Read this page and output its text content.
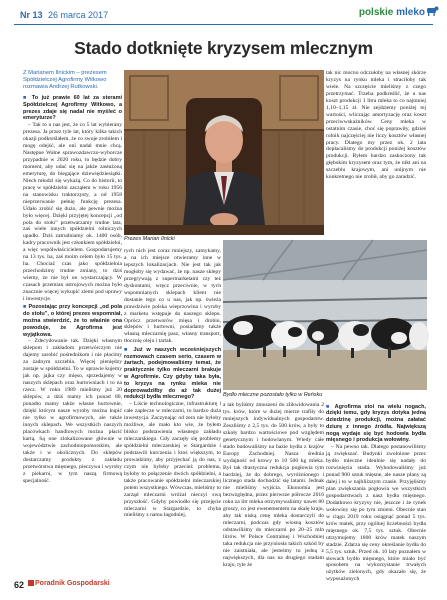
Nr 13 26 marca 2017	polskie mleko
Stado dotknięte kryzysem mlecznym
Z Marianem Ilnickim – prezesem Spółdzielczej Agrofirmy Witkowo rozmawia Andrzej Rutkowski.

■ To już prawie 60 lat za sterami Spółdzielczej Agrofirmy Witkowo, a prezes zdaje się nadal nie myśleć o emeryturze?

– Tak to u nas jest, że co 5 lat wybierany prezesa. Ja przez tyle lat, który kilka takich okazji podkreślałem, że co swoje zrobiłem i mogę odejść, ale oni nadal mnie chcą. Następne Walne sprawozdawczo-wyborcze przypadnie w 2020 roku, to będzie dobry moment, aby udać się na jakże zasłużoną emeryturę, do biegające dziewiędziesiątki. Niech młodzi się wykażą. Co do historii, to pracę w spółdzielni zacząłem w roku 1956 na stanowisku traktorzysty, a od 1958 nieprzerwanie pełnię funkcję prezesa. Udało zrobić się dużo, ale pewnie można było więcej. Dzięki przyjętej koncepcji „od pola do stołu” przetwarzamy trudne lata, zaś wiele innych spółdzielni rolniczych upadło. Dziś zatrudniamy ok. 1400 osób, kadry pracownik jest członkiem spółdzielni, a więc współwłaścicielem. Gospodarujemy na 13 tys. ha, zaś moim celem było 15 tys. ha. Chociaż czas jako spółdzielnia przechodzimy trudne zmiany, to dziś wiemy, że nie był on wystarczający. W czasach przemian ustrojowych można było znacznie więcej wykupić ziemi pod uprawy i inwestycje.

■ Pozostając przy koncepcji „od pola do stołu”, o której prezes wspomniał, można stwierdzić, że to właśnie ona powoduje, że Agrofirma jest wyjątkowa.

– Zdecydowanie tak. Dzięki własnym sklepom i zakładom przetwórczym nie dajemy zarobić pośrednikom i nie płacimy za żadnym szczebla. Więcej pieniędzy zostaje w spółdzielni. To w uprawie kujemy jak np. jajka czy mięso, sprzedajemy w naszych sklepach oraz hurtowniach i to na rzecz. W roku 1989 mieliśmy już 20 sklepów, a dziś mamy ich ponad 80, ponadto mamy także własne hurtownie, dzięki którym nasze wyroby można kupić nie tylko w agrofirmowych, ale także innych sklepach. We wszystkich naszych placówkach handlowych można płacić kartą. Są one zlokalizowane głównie w województwie zachodniopomorskim, ale także i w okolicznych. Do sklepów dostarczamy produkty z zakładu przetwórstwa mięsnego, pieczywa i wyroby z piekarni, w tym naszą firmową specjalność.

Prezes Marian Ilnicki

rych nich jest coraz mniejszy, zamykamy, a na ich miejsce otwieramy inne w lepszych lokalizacjach. Nie jest tak jak mogłoby się wydawać, że np. nasze sklepy przegrywają z supermarketami czy też dyskontami, wręcz przeciwnie, w tych wspomnianych sklepach klient nie dostanie tego co u nas, jak np. świeża prawdziwie polska wieprzowina i wyroby z marketu wstępuje do naszego sklepu. Oprócz przetworów mięsa i drobiu, sklepów i hurtowni, posiadamy także własną mleczarnię pasz, własny transport, tłocznię oleju i tartak.

■ Już w naszych wcześniejszych rozmowach czasem serio, czasem w żartach, podejmowaliśmy temat, że praktycznie tylko mleczarni brakuje w Agrofirmie. Czy gdyby taka była, to kryzys na rynku mleka nie doprowadziłby do aż tak dużej redukcji bydła mlecznego?

– Liście technologiczne, infrastrukturę i całe zaplecze w mleczarni, to bardzo duża inwestycja. Zaczynając od zera nie byłoby możliwe, ale mało kto wie, że byłem blisko podstawienia własnego zakładu mleczarskiego. Gdy zaczęły się problemy spółdzielni mleczarskiej w Stargardzie i podstawili kurczenia i ktoś większym, to prowadzimy, aby przyjechać ją do nas, z czym nie byłoby przecież problemu, byłoby to połączenie dwóch spółdzielni, a także pracowanie spółdzielni mleczarskiej potem wszystkiego. Wówczas, mieliśmy to zarząd mleczarni wróżał nieczyi swą przyszłość. Gdyby powiodło się przejęcie mleczarni w Stargardzie, to chyba mieliśmy z namu łagodniej,

Bydło mleczne pozostało tylko w Reńsku

a tak byliśmy zmuszeni do zlikwidowania 2 tys. krów, które w dużej mierze trafiły do mniejszych indywidualnych gospodarstw. Zeszliśmy z 2,5 tys. do 500 krów, a były to szkoły bardzo wartościowe pod względem genetycznym i hodowlanym. Wtedy całe stado budowaliśmy na bazie bydła z krajów Europy Zachodniej. Nasza średnia wydajność od krowy to 10 500 kg mleka. Był tak drastyczna redukcja pogłowia tym bardziej, że do dobrego, wyróżnionego i licznego stada dochodzić się latami. Jednak nie mieliśmy wyjścia. Ekonomia jest bezwzględna, przez pierwsze półrocze 2016 roku za litr mleka otrzymywaliśmy nawet 80 groszy, co jest ewenementem na skalę kraju, aby tak niską cenę mleka dostarczyli do mleczarni, podczas gdy wiosną kosztów odstawiliśmy do mleczarni po 20–25 mln litrów. W Polsce Centralnej i Wschodniej taka redukcja nie przyniosła takich szkód by nie zaistniała, ale jesteśmy tu jedną z największych, dla nas na drugiego stadam kraju, tyle że

tak nic mocno odczułoby na własnej skórze kryzys na rynku mleka i straciłoby tak wiele. Na szczęście mieliśmy z czego przetrzymać. Trzeba podkreślić, że u nas koszt produkcji 1 litra mleka to co najmniej 1,10–1,15 zł. Nie zejdziemy poniżej tej wartości, wliczając amortyzację oraz koszt przeciwwskaźników. Ceny mleka w ostatnim czasie, choć się poprawiły, gdzieś rolnik najczęściej nie liczy kosztów własnej pracy. Dlatego my przez ok. 2 lata dopłacaliśmy do produkcji poniżej kosztów produkcji. Byłem bardzo zaskoczony tak głębokim kryzysem oraz tym, że nikt ani na szczeblu krajowym, ani unijnym nie konkretnego nie zrobił, aby go zaradzić.

■ Agrofirma stoi na wielu nogach, dzięki temu, gdy kryzys dotyka jedną dziedzinę produkcji, można załatać dziurę z innego źródła. Największą nogą wydaje się być hodowla bydła mięsnego i produkcja wołowiny.

– Na pewno tak. Dlatego postanowiliśmy ją zwiększać. Budynki zwolnione przez bydło mleczne idealnie się nadały do rozwinięcia stada. Wyhodowaliśmy już ponad 900 sztuk mięsne, ale nasze plany są dalej i to w najbliższym czasie. Przyjęliśmy plan zwiększania pogłowia we wszystkich gospodarstwach z nasz bydła mięsnego. Dodatkowo kryzysy nie, jeszcze i że rynek wołowiny się po tym zmieni. Obecnie stan w ciągu 2019 roku osiągnąć ponad 5 tys. krów matek, przy ogólnej liczebności bydła mięsnego ok. 7,5 tys. sztuk. Obecnie utrzymujemy 1800 krów matek naszym stadzie. Zdarza się ceny określanie bydła do 5,5 tys. sztuk. Przed ok. 10 laty poznałem w słowach bydło mięsnego, które miało być sposobem na wykorzystanie trwałych użytków zielonych, gdy okazało się, że wyposażonych

62	Poradnik Gospodarski
